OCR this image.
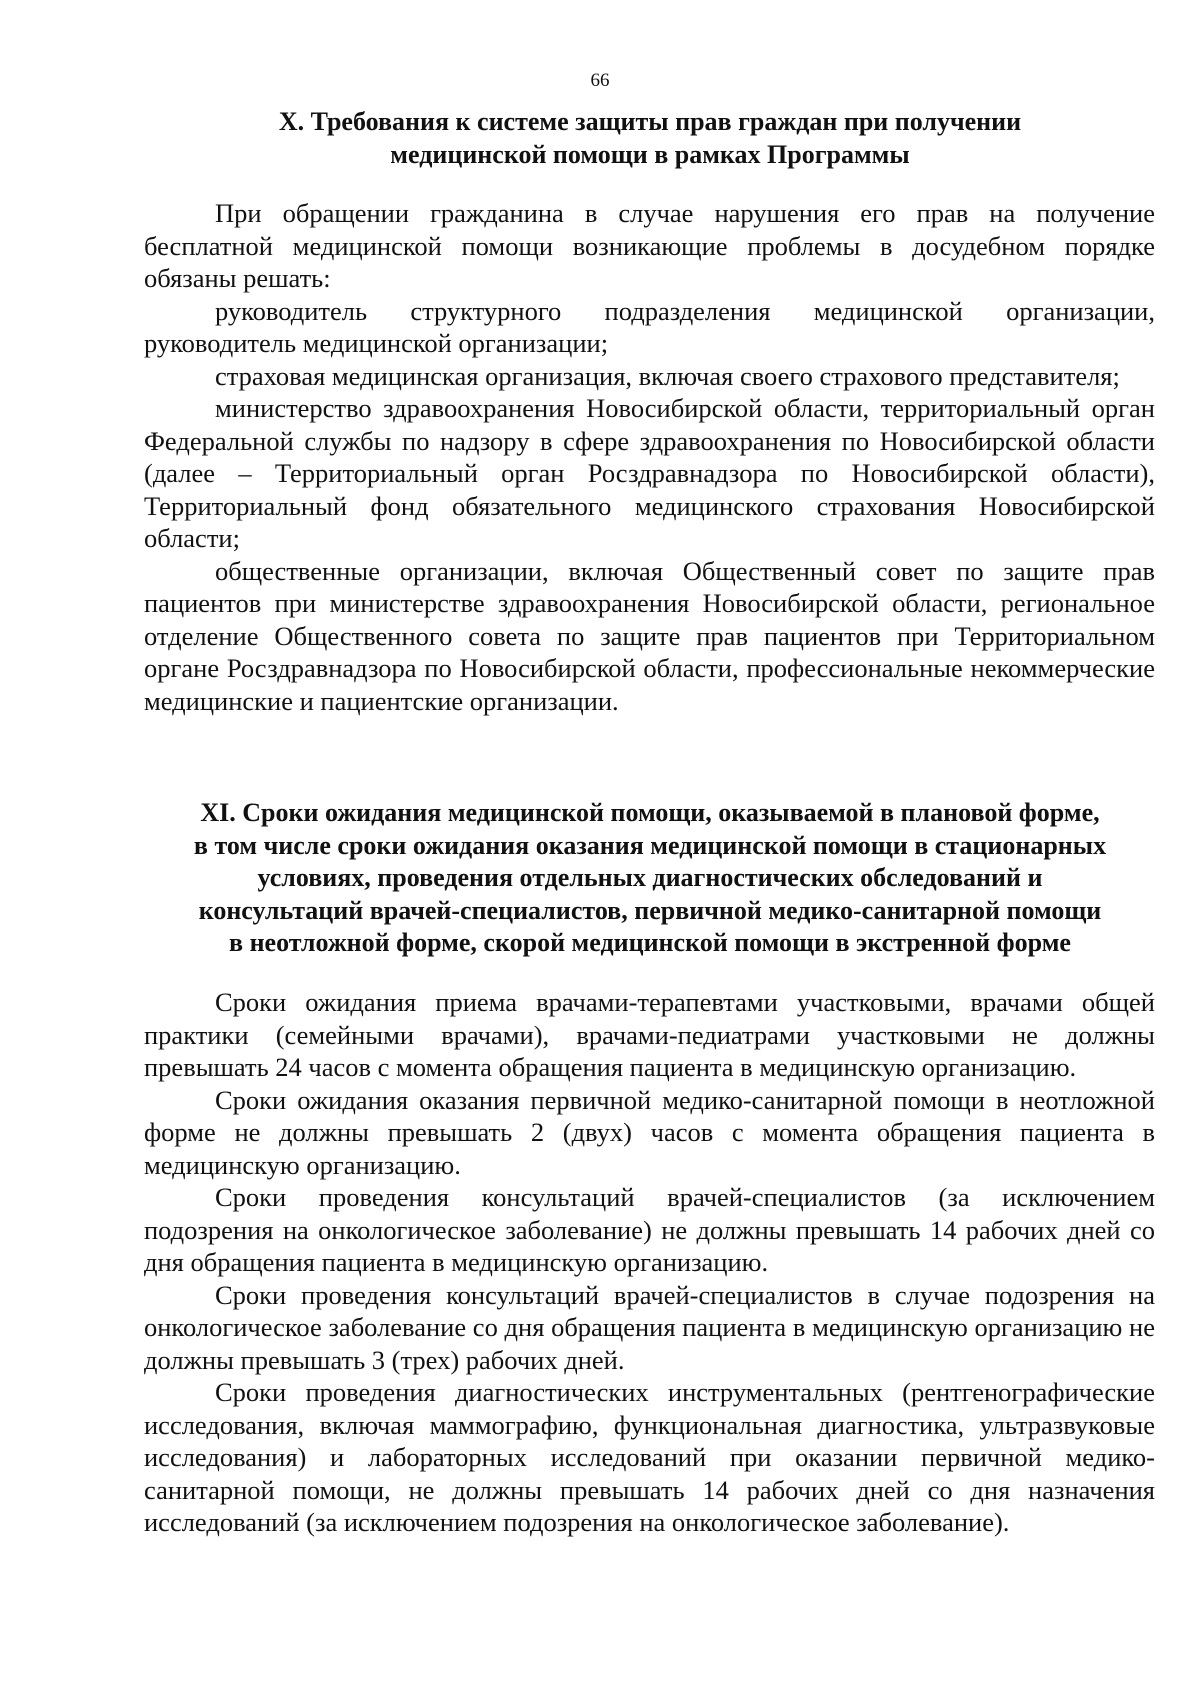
66
X. Требования к системе защиты прав граждан при получении
медицинской помощи в рамках Программы

При обращении гражданина в случае нарушения его прав на получение бесплатной медицинской помощи возникающие проблемы в досудебном порядке обязаны решать:

руководитель структурного подразделения медицинской организации, руководитель медицинской организации;

страховая медицинская организация, включая своего страхового представителя;

министерство здравоохранения Новосибирской области, территориальный орган Федеральной службы по надзору в сфере здравоохранения по Новосибирской области (далее – Территориальный орган Росздравнадзора по Новосибирской области), Территориальный фонд обязательного медицинского страхования Новосибирской области;

общественные организации, включая Общественный совет по защите прав пациентов при министерстве здравоохранения Новосибирской области, региональное отделение Общественного совета по защите прав пациентов при Территориальном органе Росздравнадзора по Новосибирской области, профессиональные некоммерческие медицинские и пациентские организации.

XI. Сроки ожидания медицинской помощи, оказываемой в плановой форме,
в том числе сроки ожидания оказания медицинской помощи в стационарных
условиях, проведения отдельных диагностических обследований и
консультаций врачей-специалистов, первичной медико-санитарной помощи
в неотложной форме, скорой медицинской помощи в экстренной форме

Сроки ожидания приема врачами-терапевтами участковыми, врачами общей практики (семейными врачами), врачами-педиатрами участковыми не должны превышать 24 часов с момента обращения пациента в медицинскую организацию.

Сроки ожидания оказания первичной медико-санитарной помощи в неотложной форме не должны превышать 2 (двух) часов с момента обращения пациента в медицинскую организацию.

Сроки проведения консультаций врачей-специалистов (за исключением подозрения на онкологическое заболевание) не должны превышать 14 рабочих дней со дня обращения пациента в медицинскую организацию.

Сроки проведения консультаций врачей-специалистов в случае подозрения на онкологическое заболевание со дня обращения пациента в медицинскую организацию не должны превышать 3 (трех) рабочих дней.

Сроки проведения диагностических инструментальных (рентгенографические исследования, включая маммографию, функциональная диагностика, ультразвуковые исследования) и лабораторных исследований при оказании первичной медико-санитарной помощи, не должны превышать 14 рабочих дней со дня назначения исследований (за исключением подозрения на онкологическое заболевание).
